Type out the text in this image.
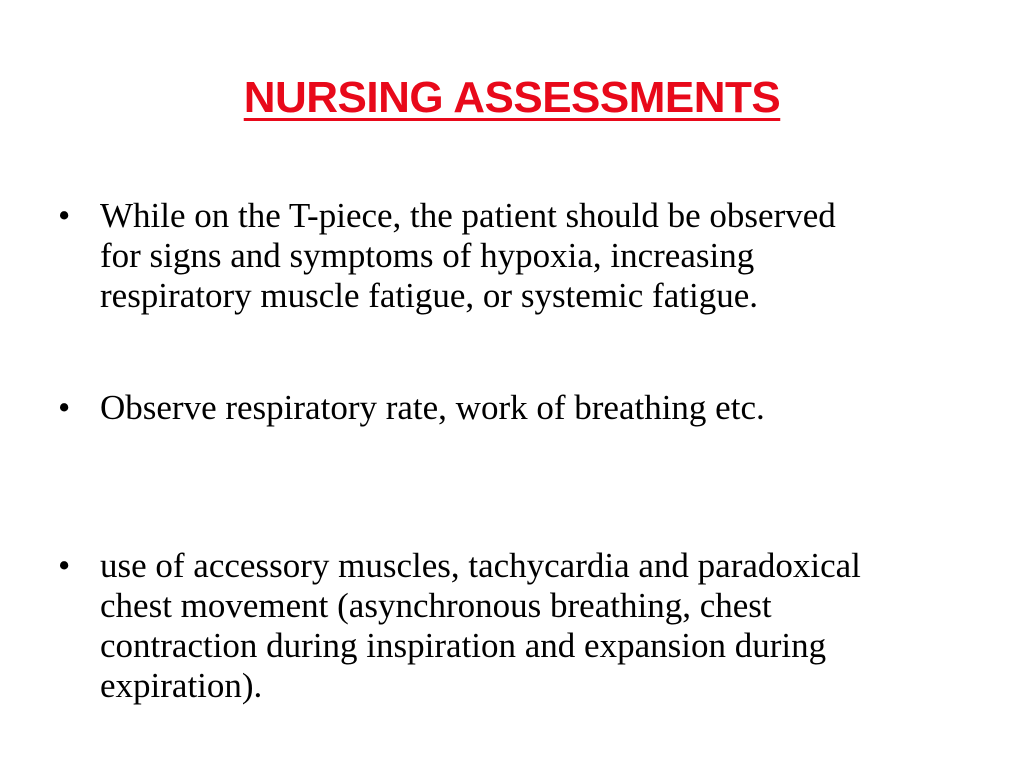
NURSING ASSESSMENTS
• While on the T-piece, the patient should be observed
for signs and symptoms of hypoxia, increasing
respiratory muscle fatigue, or systemic fatigue.
• Observe respiratory rate, work of breathing etc.
• use of accessory muscles, tachycardia and paradoxical
chest movement (asynchronous breathing, chest
contraction during inspiration and expansion during
expiration).
